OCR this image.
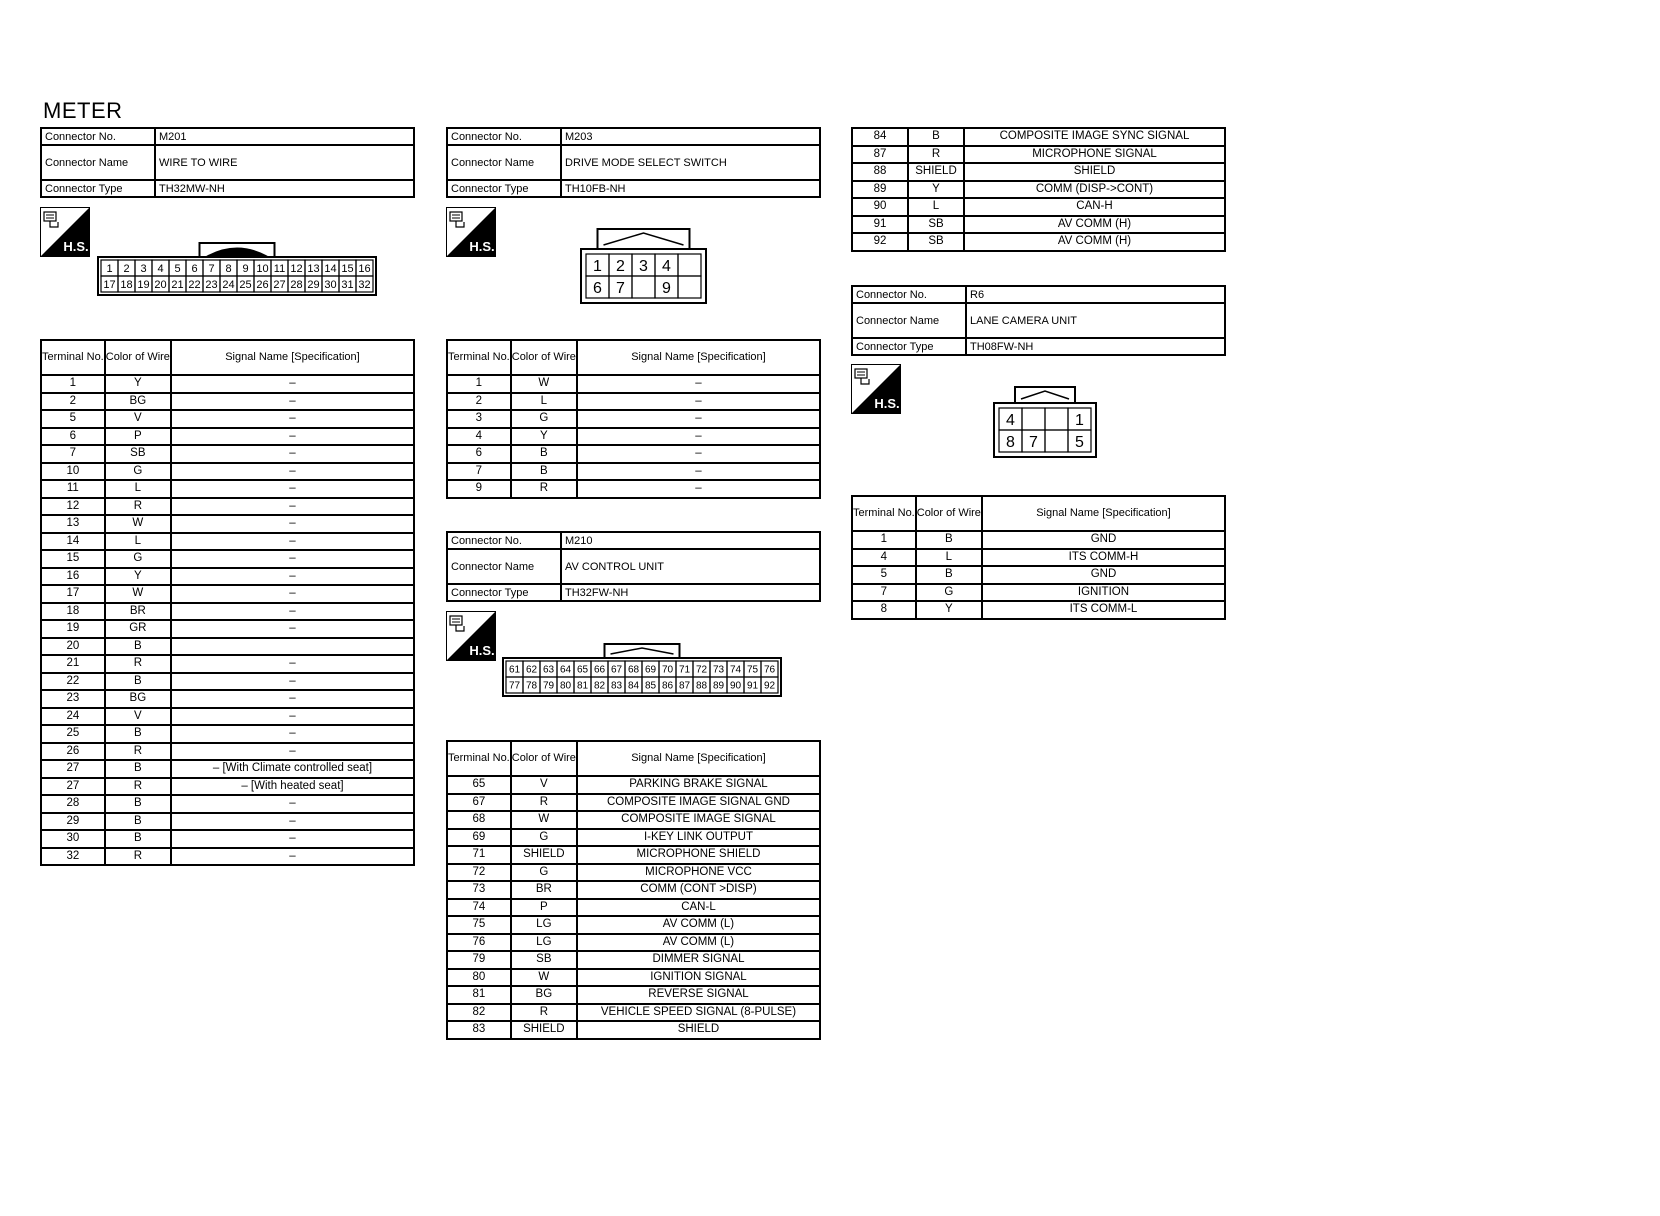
METER
Connector No.	M201
Connector Name	WIRE TO WIRE
Connector Type	TH32MW-NH
H.S.
1 2 3 4 5 6 7 8 9 10 11 12 13 14 15 16
17 18 19 20 21 22 23 24 25 26 27 28 29 30 31 32
Terminal No.	Color of Wire	Signal Name [Specification]
1	Y	–
2	BG	–
5	V	–
6	P	–
7	SB	–
10	G	–
11	L	–
12	R	–
13	W	–
14	L	–
15	G	–
16	Y	–
17	W	–
18	BR	–
19	GR	–
20	B	
21	R	–
22	B	–
23	BG	–
24	V	–
25	B	–
26	R	–
27	B	– [With Climate controlled seat]
27	R	– [With heated seat]
28	B	–
29	B	–
30	B	–
32	R	–
Connector No.	M203
Connector Name	DRIVE MODE SELECT SWITCH
Connector Type	TH10FB-NH
H.S.
1 2 3 4
6 7 9
Terminal No.	Color of Wire	Signal Name [Specification]
1	W	–
2	L	–
3	G	–
4	Y	–
6	B	–
7	B	–
9	R	–
Connector No.	M210
Connector Name	AV CONTROL UNIT
Connector Type	TH32FW-NH
H.S.
61 62 63 64 65 66 67 68 69 70 71 72 73 74 75 76
77 78 79 80 81 82 83 84 85 86 87 88 89 90 91 92
Terminal No.	Color of Wire	Signal Name [Specification]
65	V	PARKING BRAKE SIGNAL
67	R	COMPOSITE IMAGE SIGNAL GND
68	W	COMPOSITE IMAGE SIGNAL
69	G	I-KEY LINK OUTPUT
71	SHIELD	MICROPHONE SHIELD
72	G	MICROPHONE VCC
73	BR	COMM (CONT >DISP)
74	P	CAN-L
75	LG	AV COMM (L)
76	LG	AV COMM (L)
79	SB	DIMMER SIGNAL
80	W	IGNITION SIGNAL
81	BG	REVERSE SIGNAL
82	R	VEHICLE SPEED SIGNAL (8-PULSE)
83	SHIELD	SHIELD
84	B	COMPOSITE IMAGE SYNC SIGNAL
87	R	MICROPHONE SIGNAL
88	SHIELD	SHIELD
89	Y	COMM (DISP->CONT)
90	L	CAN-H
91	SB	AV COMM (H)
92	SB	AV COMM (H)
Connector No.	R6
Connector Name	LANE CAMERA UNIT
Connector Type	TH08FW-NH
H.S.
4	1
8 7 5
Terminal No.	Color of Wire	Signal Name [Specification]
1	B	GND
4	L	ITS COMM-H
5	B	GND
7	G	IGNITION
8	Y	ITS COMM-L
